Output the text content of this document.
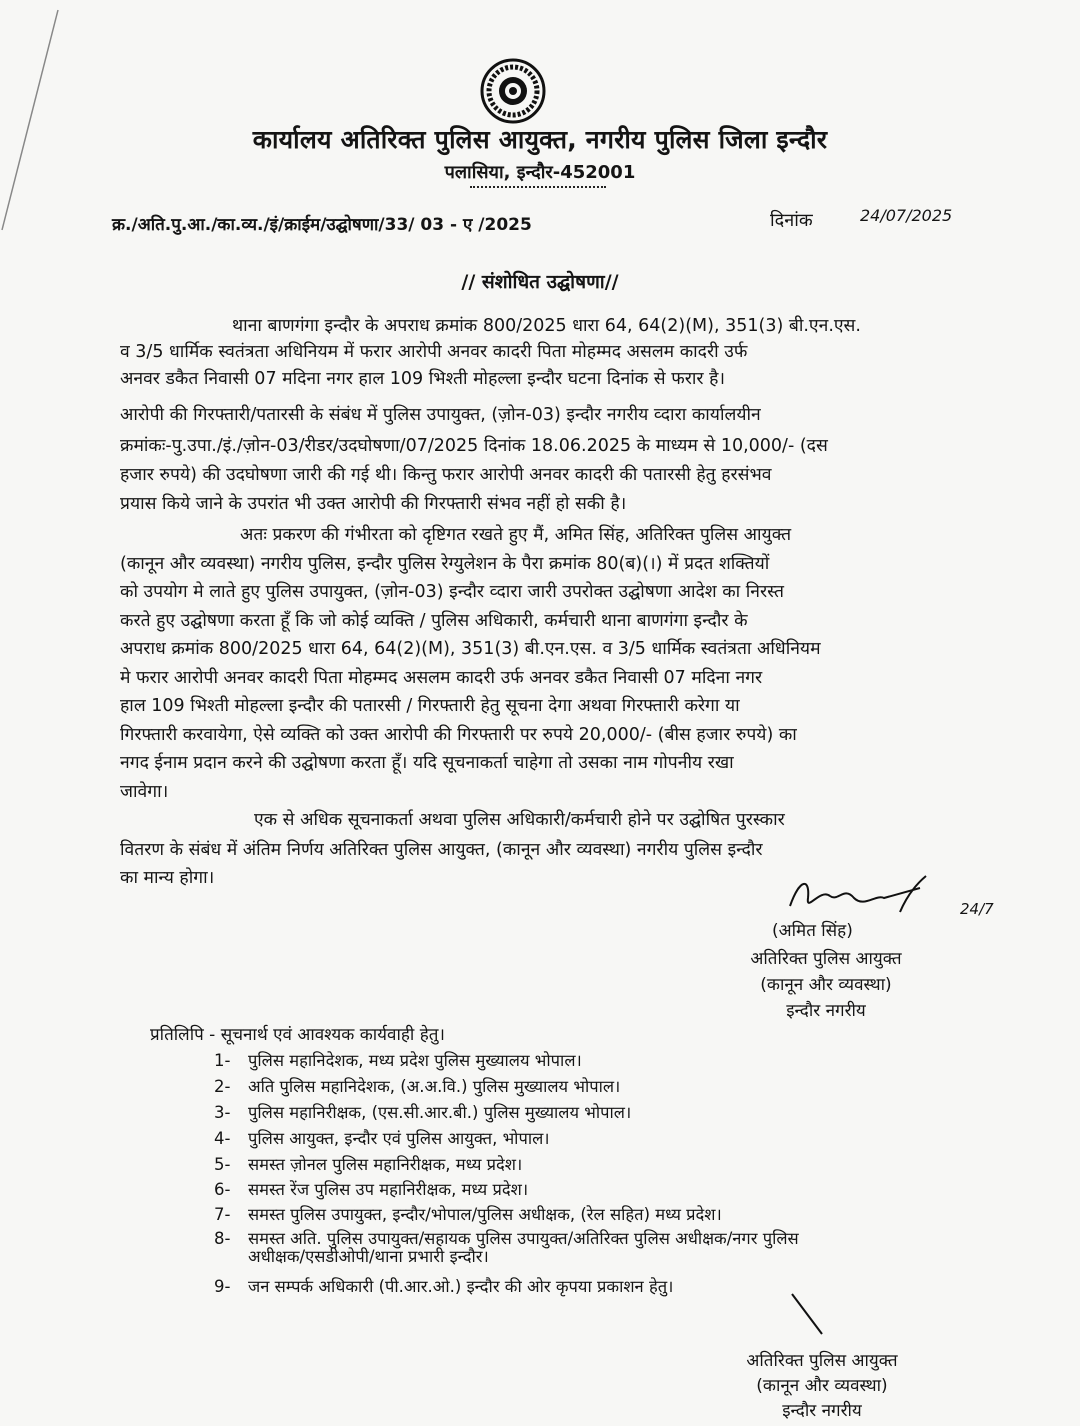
कार्यालय अतिरिक्त पुलिस आयुक्त, नगरीय पुलिस जिला इन्दौर
पलासिया, इन्दौर-452001
क्र./अति.पु.आ./का.व्य./इं/क्राईम/उद्घोषणा/33/ 03 - ए /2025	दिनांक	24/07/2025
// संशोधित उद्घोषणा//
थाना बाणगंगा इन्दौर के अपराध क्रमांक 800/2025 धारा 64, 64(2)(M), 351(3) बी.एन.एस.
व 3/5 धार्मिक स्वतंत्रता अधिनियम में फरार आरोपी अनवर कादरी पिता मोहम्मद असलम कादरी उर्फ
अनवर डकैत निवासी 07 मदिना नगर हाल 109 भिश्ती मोहल्ला इन्दौर घटना दिनांक से फरार है।
आरोपी की गिरफ्तारी/पतारसी के संबंध में पुलिस उपायुक्त, (ज़ोन-03) इन्दौर नगरीय व्दारा कार्यालयीन
क्रमांकः-पु.उपा./इं./ज़ोन-03/रीडर/उदघोषणा/07/2025 दिनांक 18.06.2025 के माध्यम से 10,000/- (दस
हजार रुपये) की उदघोषणा जारी की गई थी। किन्तु फरार आरोपी अनवर कादरी की पतारसी हेतु हरसंभव
प्रयास किये जाने के उपरांत भी उक्त आरोपी की गिरफ्तारी संभव नहीं हो सकी है।
अतः प्रकरण की गंभीरता को दृष्टिगत रखते हुए मैं, अमित सिंह, अतिरिक्त पुलिस आयुक्त
(कानून और व्यवस्था) नगरीय पुलिस, इन्दौर पुलिस रेग्युलेशन के पैरा क्रमांक 80(ब)(।) में प्रदत शक्तियों
को उपयोग मे लाते हुए पुलिस उपायुक्त, (ज़ोन-03) इन्दौर व्दारा जारी उपरोक्त उद्घोषणा आदेश का निरस्त
करते हुए उद्घोषणा करता हूँ कि जो कोई व्यक्ति / पुलिस अधिकारी, कर्मचारी थाना बाणगंगा इन्दौर के
अपराध क्रमांक 800/2025 धारा 64, 64(2)(M), 351(3) बी.एन.एस. व 3/5 धार्मिक स्वतंत्रता अधिनियम
मे फरार आरोपी अनवर कादरी पिता मोहम्मद असलम कादरी उर्फ अनवर डकैत निवासी 07 मदिना नगर
हाल 109 भिश्ती मोहल्ला इन्दौर की पतारसी / गिरफ्तारी हेतु सूचना देगा अथवा गिरफ्तारी करेगा या
गिरफ्तारी करवायेगा, ऐसे व्यक्ति को उक्त आरोपी की गिरफ्तारी पर रुपये 20,000/- (बीस हजार रुपये) का
नगद ईनाम प्रदान करने की उद्घोषणा करता हूँ। यदि सूचनाकर्ता चाहेगा तो उसका नाम गोपनीय रखा
जावेगा।
एक से अधिक सूचनाकर्ता अथवा पुलिस अधिकारी/कर्मचारी होने पर उद्घोषित पुरस्कार
वितरण के संबंध में अंतिम निर्णय अतिरिक्त पुलिस आयुक्त, (कानून और व्यवस्था) नगरीय पुलिस इन्दौर
का मान्य होगा।
24/7
(अमित सिंह)
अतिरिक्त पुलिस आयुक्त
(कानून और व्यवस्था)
इन्दौर नगरीय
प्रतिलिपि - सूचनार्थ एवं आवश्यक कार्यवाही हेतु।
1- पुलिस महानिदेशक, मध्य प्रदेश पुलिस मुख्यालय भोपाल।
2- अति पुलिस महानिदेशक, (अ.अ.वि.) पुलिस मुख्यालय भोपाल।
3- पुलिस महानिरीक्षक, (एस.सी.आर.बी.) पुलिस मुख्यालय भोपाल।
4- पुलिस आयुक्त, इन्दौर एवं पुलिस आयुक्त, भोपाल।
5- समस्त ज़ोनल पुलिस महानिरीक्षक, मध्य प्रदेश।
6- समस्त रेंज पुलिस उप महानिरीक्षक, मध्य प्रदेश।
7- समस्त पुलिस उपायुक्त, इन्दौर/भोपाल/पुलिस अधीक्षक, (रेल सहित) मध्य प्रदेश।
8- समस्त अति. पुलिस उपायुक्त/सहायक पुलिस उपायुक्त/अतिरिक्त पुलिस अधीक्षक/नगर पुलिस
अधीक्षक/एसडीओपी/थाना प्रभारी इन्दौर।
9- जन सम्पर्क अधिकारी (पी.आर.ओ.) इन्दौर की ओर कृपया प्रकाशन हेतु।
अतिरिक्त पुलिस आयुक्त
(कानून और व्यवस्था)
इन्दौर नगरीय
